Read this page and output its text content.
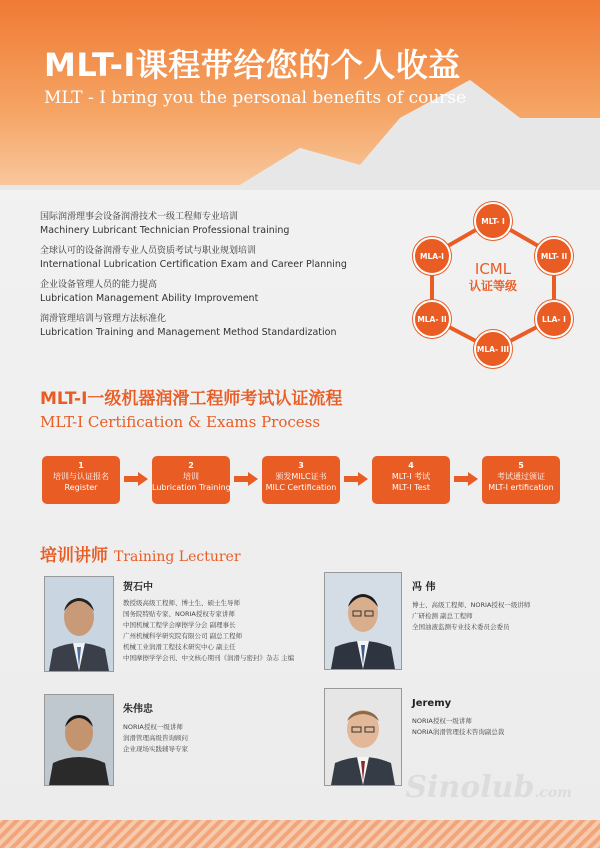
MLT-I课程带给您的个人收益
MLT - I bring you the personal benefits of course
国际润滑理事会设备润滑技术一级工程师专业培训
Machinery Lubricant Technician Professional training
全球认可的设备润滑专业人员资质考试与职业规划培训
International Lubrication Certification Exam and Career Planning
企业设备管理人员的能力提高
Lubrication Management Ability Improvement
润滑管理培训与管理方法标准化
Lubrication Training and Management Method Standardization
MLT- I
MLT- II
LLA- I
MLA- III
MLA- II
MLA-I
ICML
认证等级
MLT-I一级机器润滑工程师考试认证流程
MLT-I Certification & Exams Process
1
培训与认证报名
Register
2
培训
Lubrication Training
3
颁发MILC证书
MILC Certification
4
MLT-I 考试
MLT-I Test
5
考试通过颁证
MLT-I ertification
培训讲师 Training Lecturer
贺石中
教授级高级工程师、博士生、硕士生导师
国务院特贴专家、NORIA授权专家讲师
中国机械工程学会摩擦学分会 副理事长
广州机械科学研究院有限公司 副总工程师
机械工业润滑工程技术研究中心 副主任
中国摩擦学学会刊、中文核心期刊《润滑与密封》杂志 主编
冯 伟
博士、高级工程师、NORIA授权一级讲师
广研检测 副总工程师
全国油液监测专业技术委员会委员
朱伟忠
NORIA授权一级讲师
润滑管理高级咨询顾问
企业现场实践辅导专家
Jeremy
NORIA授权一级讲师
NORIA润滑管理技术咨询副总裁
Sinolub.com
